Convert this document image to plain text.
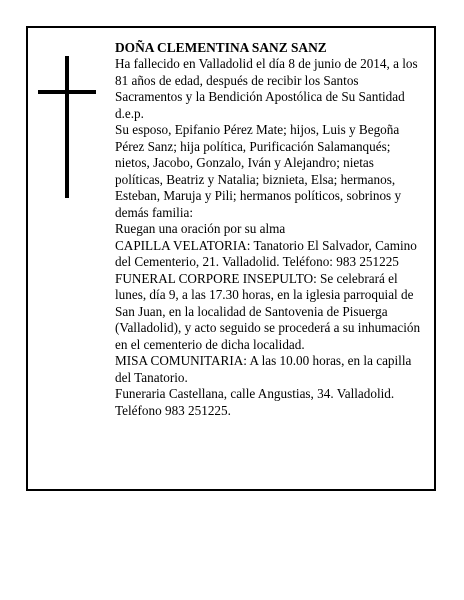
DOÑA CLEMENTINA SANZ SANZ

Ha fallecido en Valladolid el día 8 de junio de 2014, a los 81 años de edad, después de recibir los Santos Sacramentos y la Bendición Apostólica de Su Santidad d.e.p.

Su esposo, Epifanio Pérez Mate; hijos, Luis y Begoña Pérez Sanz; hija política, Purificación Salamanqués; nietos, Jacobo, Gonzalo, Iván y Alejandro; nietas políticas, Beatriz y Natalia; biznieta, Elsa; hermanos, Esteban, Maruja y Pili; hermanos políticos, sobrinos y demás familia:

Ruegan una oración por su alma

CAPILLA VELATORIA: Tanatorio El Salvador, Camino del Cementerio, 21. Valladolid. Teléfono: 983 251225

FUNERAL CORPORE INSEPULTO: Se celebrará el lunes, día 9, a las 17.30 horas, en la iglesia parroquial de San Juan, en la localidad de Santovenia de Pisuerga (Valladolid), y acto seguido se procederá a su inhumación en el cementerio de dicha localidad.

MISA COMUNITARIA: A las 10.00 horas, en la capilla del Tanatorio.

Funeraria Castellana, calle Angustias, 34. Valladolid. Teléfono 983 251225.
